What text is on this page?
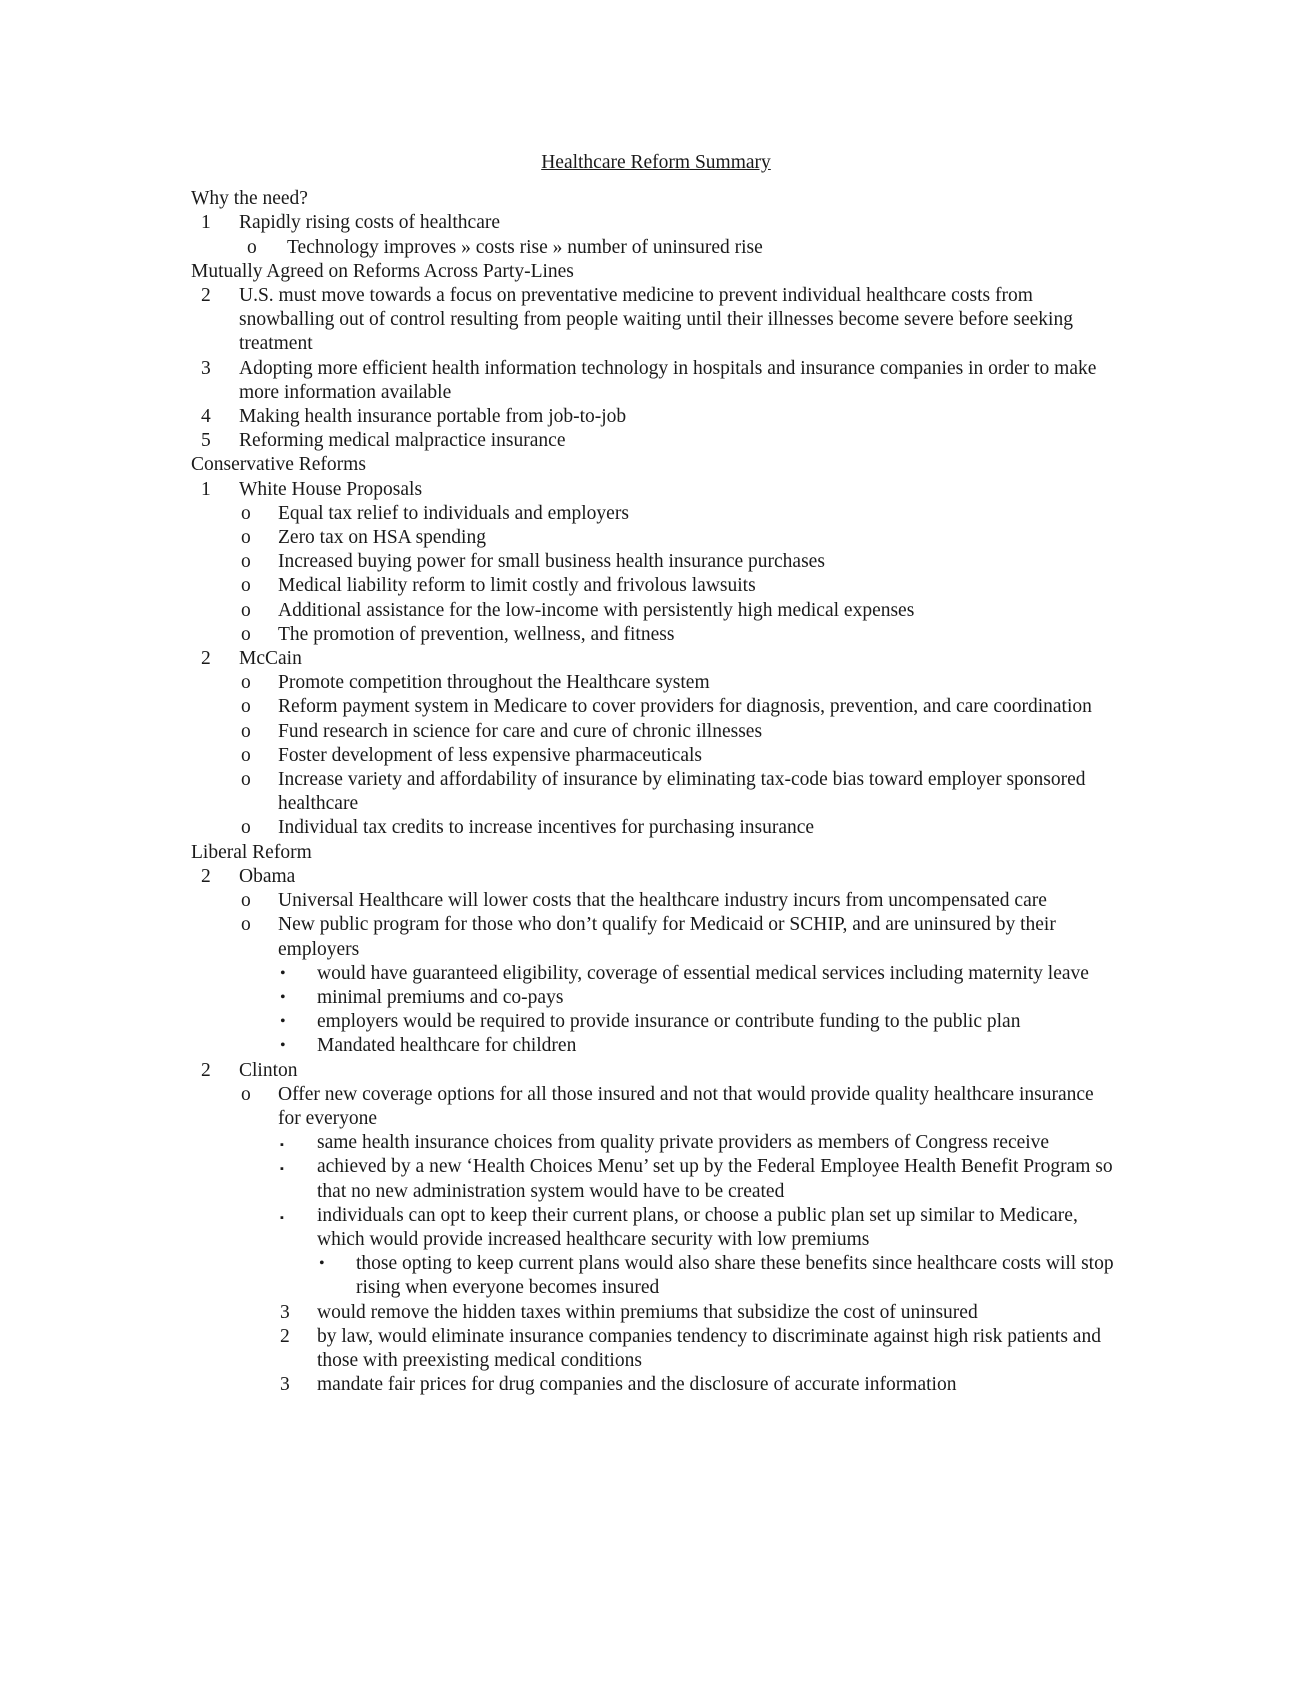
Healthcare Reform Summary
Why the need?
1 Rapidly rising costs of healthcare
o Technology improves » costs rise » number of uninsured rise
Mutually Agreed on Reforms Across Party-Lines
2 U.S. must move towards a focus on preventative medicine to prevent individual healthcare costs from snowballing out of control resulting from people waiting until their illnesses become severe before seeking treatment
3 Adopting more efficient health information technology in hospitals and insurance companies in order to make more information available
4 Making health insurance portable from job-to-job
5 Reforming medical malpractice insurance
Conservative Reforms
1 White House Proposals
o Equal tax relief to individuals and employers
o Zero tax on HSA spending
o Increased buying power for small business health insurance purchases
o Medical liability reform to limit costly and frivolous lawsuits
o Additional assistance for the low-income with persistently high medical expenses
o The promotion of prevention, wellness, and fitness
2 McCain
o Promote competition throughout the Healthcare system
o Reform payment system in Medicare to cover providers for diagnosis, prevention, and care coordination
o Fund research in science for care and cure of chronic illnesses
o Foster development of less expensive pharmaceuticals
o Increase variety and affordability of insurance by eliminating tax-code bias toward employer sponsored healthcare
o Individual tax credits to increase incentives for purchasing insurance
Liberal Reform
2 Obama
o Universal Healthcare will lower costs that the healthcare industry incurs from uncompensated care
o New public program for those who don’t qualify for Medicaid or SCHIP, and are uninsured by their employers
• would have guaranteed eligibility, coverage of essential medical services including maternity leave
• minimal premiums and co-pays
• employers would be required to provide insurance or contribute funding to the public plan
• Mandated healthcare for children
2 Clinton
o Offer new coverage options for all those insured and not that would provide quality healthcare insurance for everyone
▪ same health insurance choices from quality private providers as members of Congress receive
▪ achieved by a new ‘Health Choices Menu’ set up by the Federal Employee Health Benefit Program so that no new administration system would have to be created
▪ individuals can opt to keep their current plans, or choose a public plan set up similar to Medicare, which would provide increased healthcare security with low premiums
• those opting to keep current plans would also share these benefits since healthcare costs will stop rising when everyone becomes insured
3 would remove the hidden taxes within premiums that subsidize the cost of uninsured
2 by law, would eliminate insurance companies tendency to discriminate against high risk patients and those with preexisting medical conditions
3 mandate fair prices for drug companies and the disclosure of accurate information
